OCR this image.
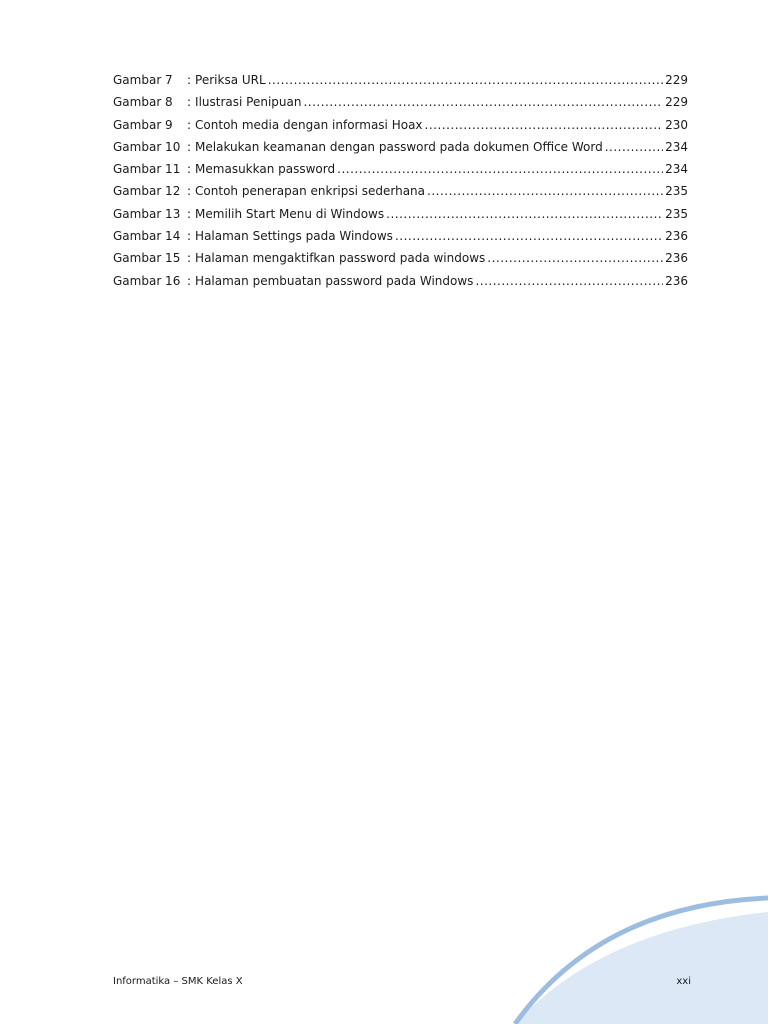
Gambar 7	: Periksa URL .....	229
Gambar 8	: Ilustrasi Penipuan .....	229
Gambar 9	: Contoh media dengan informasi Hoax .....	230
Gambar 10 : Melakukan keamanan dengan password pada dokumen Office Word .....	234
Gambar 11 : Memasukkan password .....	234
Gambar 12 : Contoh penerapan enkripsi sederhana .....	235
Gambar 13 : Memilih Start Menu di Windows .....	235
Gambar 14 : Halaman Settings pada Windows .....	236
Gambar 15 : Halaman mengaktifkan password pada windows .....	236
Gambar 16 : Halaman pembuatan password pada Windows .....	236
Informatika – SMK Kelas X	xxi
